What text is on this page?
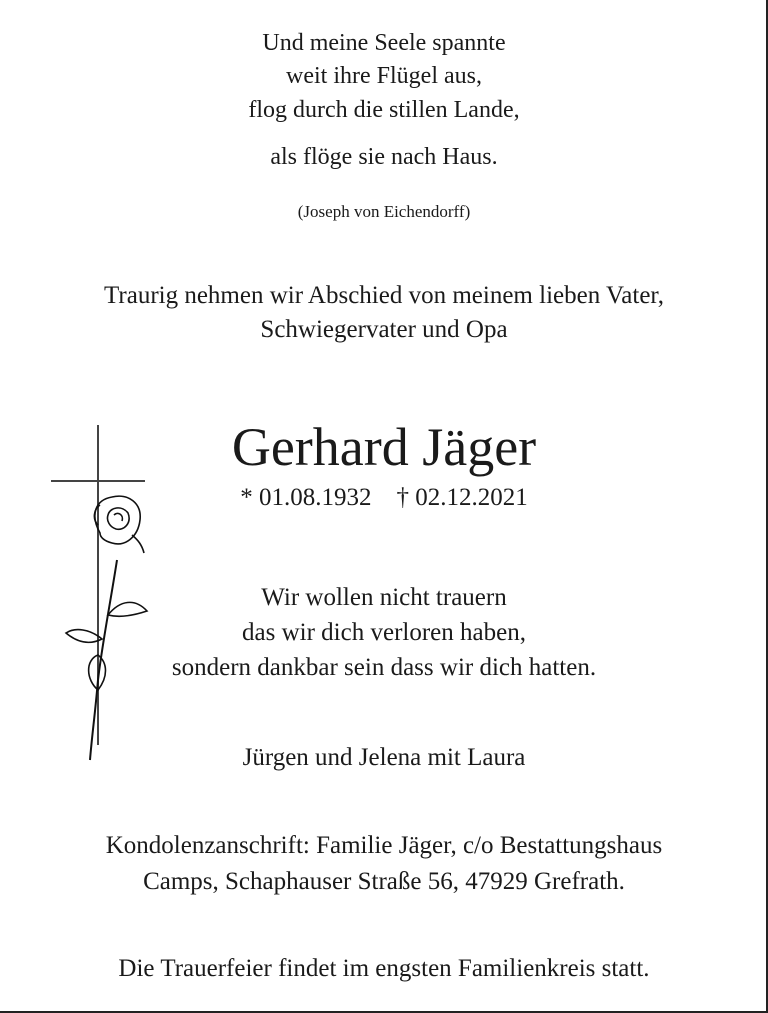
Und meine Seele spannte
weit ihre Flügel aus,
flog durch die stillen Lande,
als flöge sie nach Haus.
(Joseph von Eichendorff)
Traurig nehmen wir Abschied von meinem lieben Vater,
Schwiegervater und Opa
Gerhard Jäger
* 01.08.1932 † 02.12.2021
Wir wollen nicht trauern
das wir dich verloren haben,
sondern dankbar sein dass wir dich hatten.
Jürgen und Jelena mit Laura
Kondolenzanschrift: Familie Jäger, c/o Bestattungshaus
Camps, Schaphauser Straße 56, 47929 Grefrath.
Die Trauerfeier findet im engsten Familienkreis statt.
